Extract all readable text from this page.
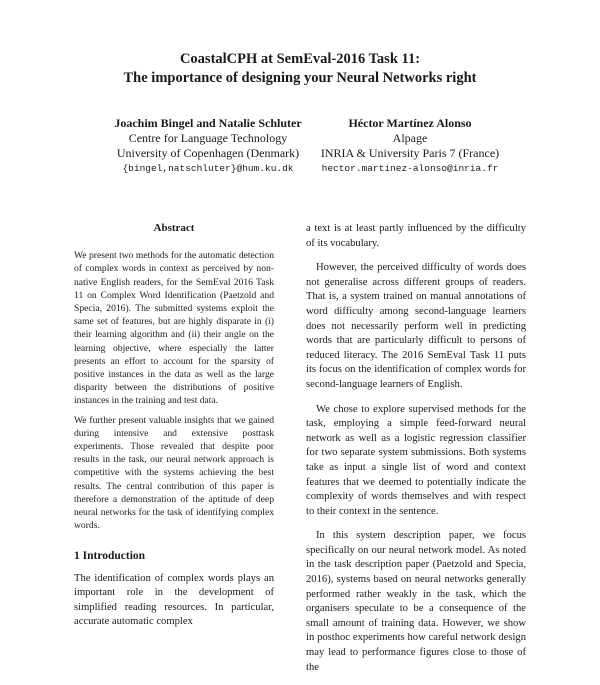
CoastalCPH at SemEval-2016 Task 11:
The importance of designing your Neural Networks right
Joachim Bingel and Natalie Schluter
Centre for Language Technology
University of Copenhagen (Denmark)
{bingel,natschluter}@hum.ku.dk
Héctor Martínez Alonso
Alpage
INRIA & University Paris 7 (France)
hector.martinez-alonso@inria.fr
Abstract

We present two methods for the automatic detection of complex words in context as perceived by non-native English readers, for the SemEval 2016 Task 11 on Complex Word Identification (Paetzold and Specia, 2016). The submitted systems exploit the same set of features, but are highly disparate in (i) their learning algorithm and (ii) their angle on the learning objective, where especially the latter presents an effort to account for the sparsity of positive instances in the data as well as the large disparity between the distributions of positive instances in the training and test data.

We further present valuable insights that we gained during intensive and extensive posttask experiments. Those revealed that despite poor results in the task, our neural network approach is competitive with the systems achieving the best results. The central contribution of this paper is therefore a demonstration of the aptitude of deep neural networks for the task of identifying complex words.

1 Introduction

The identification of complex words plays an important role in the development of simplified reading resources. In particular, accurate automatic complex

a text is at least partly influenced by the difficulty of its vocabulary.

However, the perceived difficulty of words does not generalise across different groups of readers. That is, a system trained on manual annotations of word difficulty among second-language learners does not necessarily perform well in predicting words that are particularly difficult to persons of reduced literacy. The 2016 SemEval Task 11 puts its focus on the identification of complex words for second-language learners of English.

We chose to explore supervised methods for the task, employing a simple feed-forward neural network as well as a logistic regression classifier for two separate system submissions. Both systems take as input a single list of word and context features that we deemed to potentially indicate the complexity of words themselves and with respect to their context in the sentence.

In this system description paper, we focus specifically on our neural network model. As noted in the task description paper (Paetzold and Specia, 2016), systems based on neural networks generally performed rather weakly in the task, which the organisers speculate to be a consequence of the small amount of training data. However, we show in posthoc experiments how careful network design may lead to performance figures close to those of the
